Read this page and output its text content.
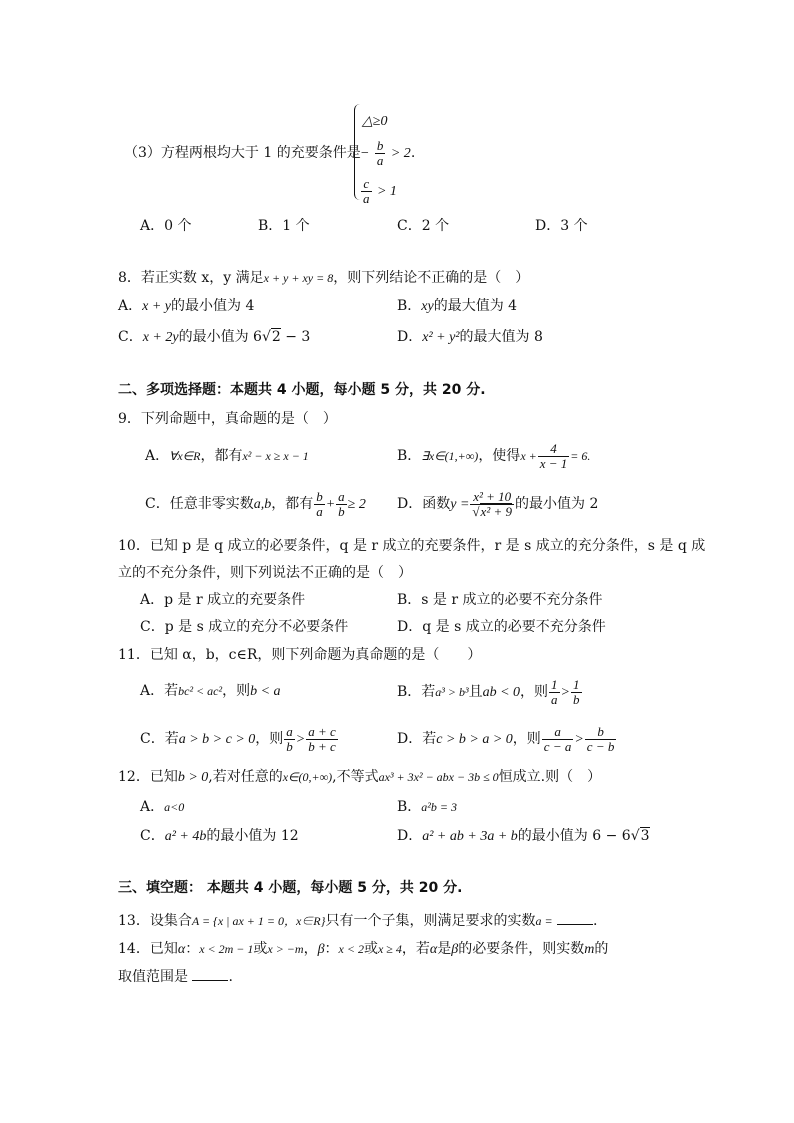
（3）方程两根均大于 1 的充要条件是
△≥0
− $\frac{b}{a} > 2$.
$\frac{c}{a} > 1$
A．0 个	B．1 个	C．2 个	D．3 个
8．若正实数 x，y 满足x + y + xy = 8，则下列结论不正确的是（　）
A．x + y的最小值为 4	B．xy的最大值为 4
C．x + 2y的最小值为 6√2 − 3	D．x² + y²的最大值为 8
二、多项选择题：本题共 4 小题，每小题 5 分，共 20 分.
9．下列命题中，真命题的是（　）
A．∀x∈R，都有x² − x ≥ x − 1	B．∃x∈(1,+∞)，使得$x + \frac{4}{x - 1} = 6$.
C．任意非零实数a,b，都有 $\frac{b}{a} + \frac{a}{b} \ge 2$ D．函数$y = \frac{\text{x² + 10}}{\text{√x² + 9}}$ 的最小值为 2
10．已知 p 是 q 成立的必要条件，q 是 r 成立的充要条件，r 是 s 成立的充分条件，s 是 q 成
立的不充分条件，则下列说法不正确的是（　）
A．p 是 r 成立的充要条件	B．s 是 r 成立的必要不充分条件
C．p 是 s 成立的充分不必要条件	D．q 是 s 成立的必要不充分条件
11．已知 α，b，c∈R，则下列命题为真命题的是（　　）
A．若bc² < ac²，则b < a	B．若a³ > b³且ab < 0，则 $\frac{1}{a} > \frac{1}{b}$
C．若a > b > c > 0，则 $\frac{a}{b} > \frac{a + c}{b + c}$	D．若c > b > a > 0，则 $\frac{a}{c - a} > \frac{b}{c - b}$
12．已知b > 0,若对任意的x∈(0,+∞),不等式ax³ + 3x² − abx − 3b ≤ 0恒成立.则（　）
A．a<0	B．a²b = 3
C．a² + 4b的最小值为 12	D．a² + ab + 3a + b的最小值为 6 − 6√3
三、填空题： 本题共 4 小题，每小题 5 分，共 20 分.
13．设集合A = {x | ax + 1 = 0，x∈R}只有一个子集，则满足要求的实数a =	.
14．已知α：x < 2m − 1或x > −m，β：x < 2或x ≥ 4，若α是β的必要条件，则实数m的
取值范围是	.
